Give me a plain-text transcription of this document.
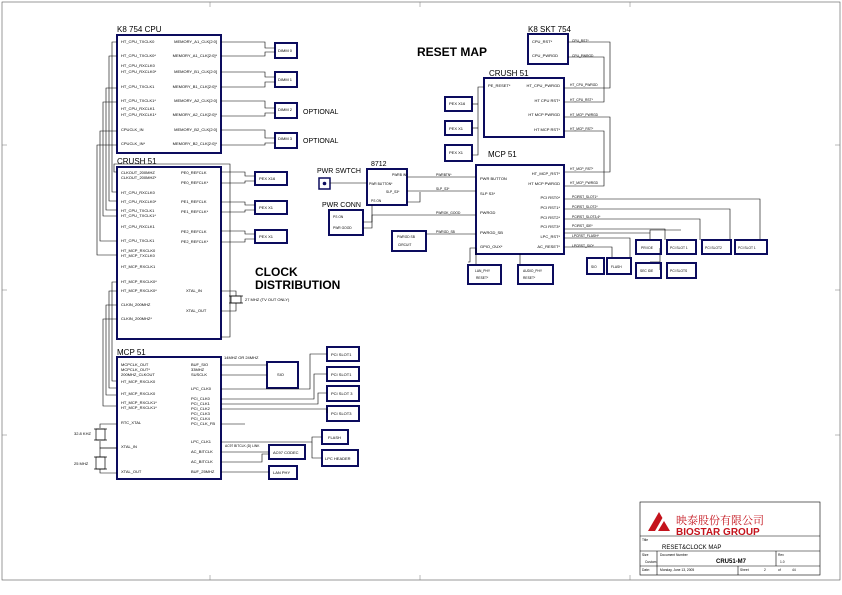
K8 754 CPU
HT_CPU_TXCLK0
HT_CPU_TXCLK0*
HT_CPU_RXCLK0
HT_CPU_RXCLK0*
HT_CPU_TXCLK1
HT_CPU_TXCLK1*
HT_CPU_RXCLK1
HT_CPU_RXCLK1*
CPUCLK_IN
CPUCLK_IN*
MEMORY_A1_CLK[2:0]
MEMORY_A1_CLK[2:0]*
MEMORY_B1_CLK[2:0]
MEMORY_B1_CLK[2:0]*
MEMORY_A2_CLK[2:0]
MEMORY_A2_CLK[2:0]*
MEMORY_B2_CLK[2:0]
MEMORY_B2_CLK[2:0]*
DIMM 0
DIMM 1
DIMM 2
DIMM 3
OPTIONAL
OPTIONAL
CRUSH 51
CLKOUT_200MHZ
CLKOUT_200MHZ*
HT_CPU_RXCLK0
HT_CPU_RXCLK0*
HT_CPU_TXCLK1
HT_CPU_TXCLK1*
HT_CPU_RXCLK1
HT_CPU_TXCLK1
HT_MCP_RXCLK0
HT_MCP_TXCLK0
HT_MCP_RXCLK1
HT_MCP_RXCLK0*
HT_MCP_RXCLK0*
CLKIN_200MHZ
CLKIN_200MHZ*
PE0_REFCLK
PE0_REFCLK*
PE1_REFCLK
PE1_REFCLK*
PE2_REFCLK
PE2_REFCLK*
XTAL_IN
XTAL_OUT
PEX X16
PEX X1
PEX X1
27 MHZ (TV OUT ONLY)
CLOCK
DISTRIBUTION
MCP 51
MCPCLK_OUT
MCPCLK_OUT*
200MHZ_CLKOUT
HT_MCP_RXCLK0
HT_MCP_RXCLK0
HT_MCP_RXCLK1*
HT_MCP_RXCLK1*
RTC_XTAL
XTAL_IN
XTAL_OUT
BUF_SIO
33MHZ
SUSCLK
LPC_CLK0
PCI_CLK0
PCI_CLK1
PCI_CLK2
PCI_CLK3
PCI_CLK4
PCI_CLK_FB
LPC_CLK1
AC_BITCLK
AC_BITCLK
BUF_25MHZ
14MHZ OR 24MHZ
SIO
PCI SLOT1
PCI SLOT1
PCI SLOT 3
PCI SLOT3
FLASH
LPC HEADER
AC97 CODEC
LAN PHY
AC97 BITCLK (D) LINK
32.8 KHZ
25 MHZ
RESET MAP
K8 SKT 754
CPU_RST*
CPU_PWRGD
CRUSH 51
PE_RESET*	HT_CPU_PWRGD
HT CPU RST*
HT MCP PWRGD
HT MCP RST*
PEX X16
PEX X1
PEX X1
CPU_RST*
CPU_PWRGD
HT_CPU_PWRGD
HT_CPU_RST*
HT_MCP_PWRGD
HT_MCP_RST*
HT_MCP_RST*
HT_MCP_PWRGD
MCP 51
PWR BUTTON
SLP S3*
PWRGD
PWRGD_SB
GPIO_OUX*
HT_MCP_RST*
HT MCP PWRGD
PCI RST0*
PCI RST1*
PCI RST2*
PCI RST3*
LPC_RST*
AC_RESET*
PCIRST_SLOT1*
PCIRST_SLOT2*
PCIRST_SLOT3,4*
PCIRST_IDE*
LPCRST_FLASH*
LPCRST_SIO*
PWRBTN*
SLP_S3*
PWROK_GOOD
PWRGD_SB
PWR SWTCH
8712
PWRB IN*
PWR BUTTON*
SLP_S3*
PS ON
PWR CONN
PS ON
PWR GOOD
PWRGD SB
CIRCUIT
LAN_PHY
RESET*
AUDIO_PHY
RESET*
PRI IDE	PCI SLOT 1	PCI SLOT2	PCI SLOT 1
SIO	FLASH
SEC IDE	PCI SLOTS
映泰股份有限公司
BIOSTAR GROUP
Title
RESET&CLOCK MAP
Size
Custom
Document Number
CRU51-M7
Rev
1.0
Date:	Monday, June 13, 2005	Sheet	2	of	44
